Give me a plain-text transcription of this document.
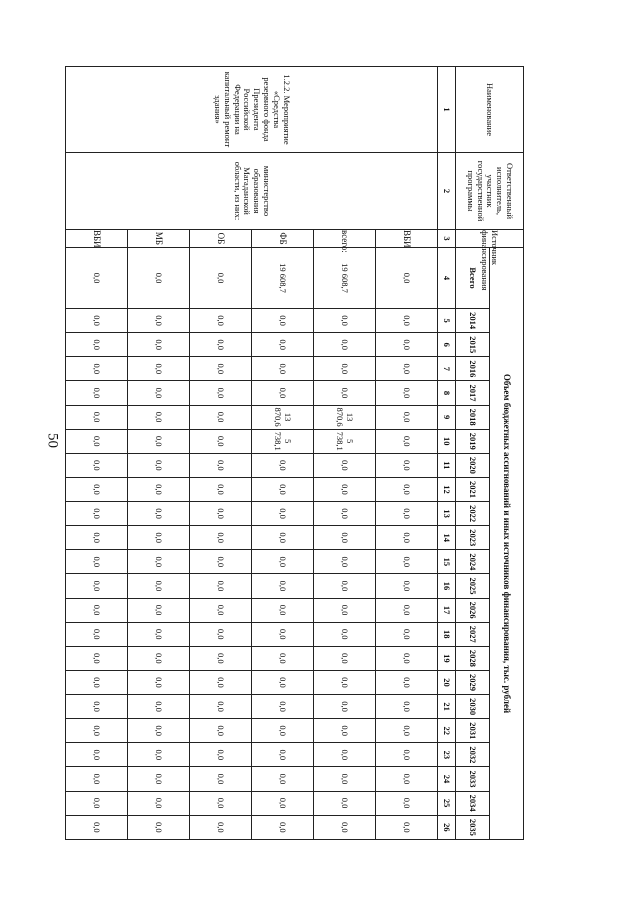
50
Наименование	Ответственный исполнитель, участник государственной программы	Источник финансирования	Объем бюджетных ассигнований и иных источников финансирования, тыс. рублей																						
			Всего	2014	2015	2016	2017	2018	2019	2020	2021	2022	2023	2024	2025	2026	2027	2028	2029	2030	2031	2032	2033	2034	2035
1	2	3	4	5	6	7	8	9	10	11	12	13	14	15	16	17	18	19	20	21	22	23	24	25	26
1.2.2. Мероприятие «Средства резервного фонда Президента Российской Федерации на капитальный ремонт здания»	министерство образования Магаданской области, из них:	ВБИ	0,0	0,0	0,0	0,0	0,0	0,0	0,0	0,0	0,0	0,0	0,0	0,0	0,0	0,0	0,0	0,0	0,0	0,0	0,0	0,0	0,0	0,0	0,0
		всего:	19 608,7	0,0	0,0	0,0	0,0	13 870,6	5 738,1	0,0	0,0	0,0	0,0	0,0	0,0	0,0	0,0	0,0	0,0	0,0	0,0	0,0	0,0	0,0	0,0
		ФБ	19 608,7	0,0	0,0	0,0	0,0	13 870,6	5 738,1	0,0	0,0	0,0	0,0	0,0	0,0	0,0	0,0	0,0	0,0	0,0	0,0	0,0	0,0	0,0	0,0
		ОБ	0,0	0,0	0,0	0,0	0,0	0,0	0,0	0,0	0,0	0,0	0,0	0,0	0,0	0,0	0,0	0,0	0,0	0,0	0,0	0,0	0,0	0,0	0,0
		МБ	0,0	0,0	0,0	0,0	0,0	0,0	0,0	0,0	0,0	0,0	0,0	0,0	0,0	0,0	0,0	0,0	0,0	0,0	0,0	0,0	0,0	0,0	0,0
		ВБИ	0,0	0,0	0,0	0,0	0,0	0,0	0,0	0,0	0,0	0,0	0,0	0,0	0,0	0,0	0,0	0,0	0,0	0,0	0,0	0,0	0,0	0,0	0,0
